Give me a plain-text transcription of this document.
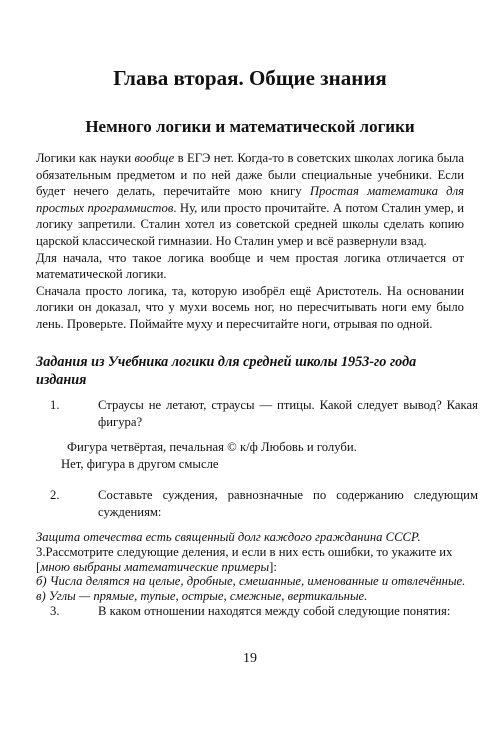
Глава вторая. Общие знания
Немного логики и математической логики

Логики как науки вообще в ЕГЭ нет. Когда-то в советских школах логика была обязательным предметом и по ней даже были специальные учебники. Если будет нечего делать, перечитайте мою книгу Простая математика для простых программистов. Ну, или просто прочитайте. А потом Сталин умер, и логику запретили. Сталин хотел из советской средней школы сделать копию царской классической гимназии. Но Сталин умер и всё развернули взад.

Для начала, что такое логика вообще и чем простая логика отличается от математической логики.

Сначала просто логика, та, которую изобрёл ещё Аристотель. На основании логики он доказал, что у мухи восемь ног, но пересчитывать ноги ему было лень. Проверьте. Поймайте муху и пересчитайте ноги, отрывая по одной.

Задания из Учебника логики для средней школы 1953-го года издания
1.	Страусы не летают, страусы — птицы. Какой следует вывод? Какая фигура?
Фигура четвёртая, печальная © к/ф Любовь и голуби.
Нет, фигура в другом смысле
2.	Составьте суждения, равнозначные по содержанию следующим суждениям:

Защита отечества есть священный долг каждого гражданина СССР.

3.Рассмотрите следующие деления, и если в них есть ошибки, то укажите их [мною выбраны математические примеры]:

б) Числа делятся на целые, дробные, смешанные, именованные и отвлечённые.

в) Углы — прямые, тупые, острые, смежные, вертикальные.

3.	В каком отношении находятся между собой следующие понятия:
19
